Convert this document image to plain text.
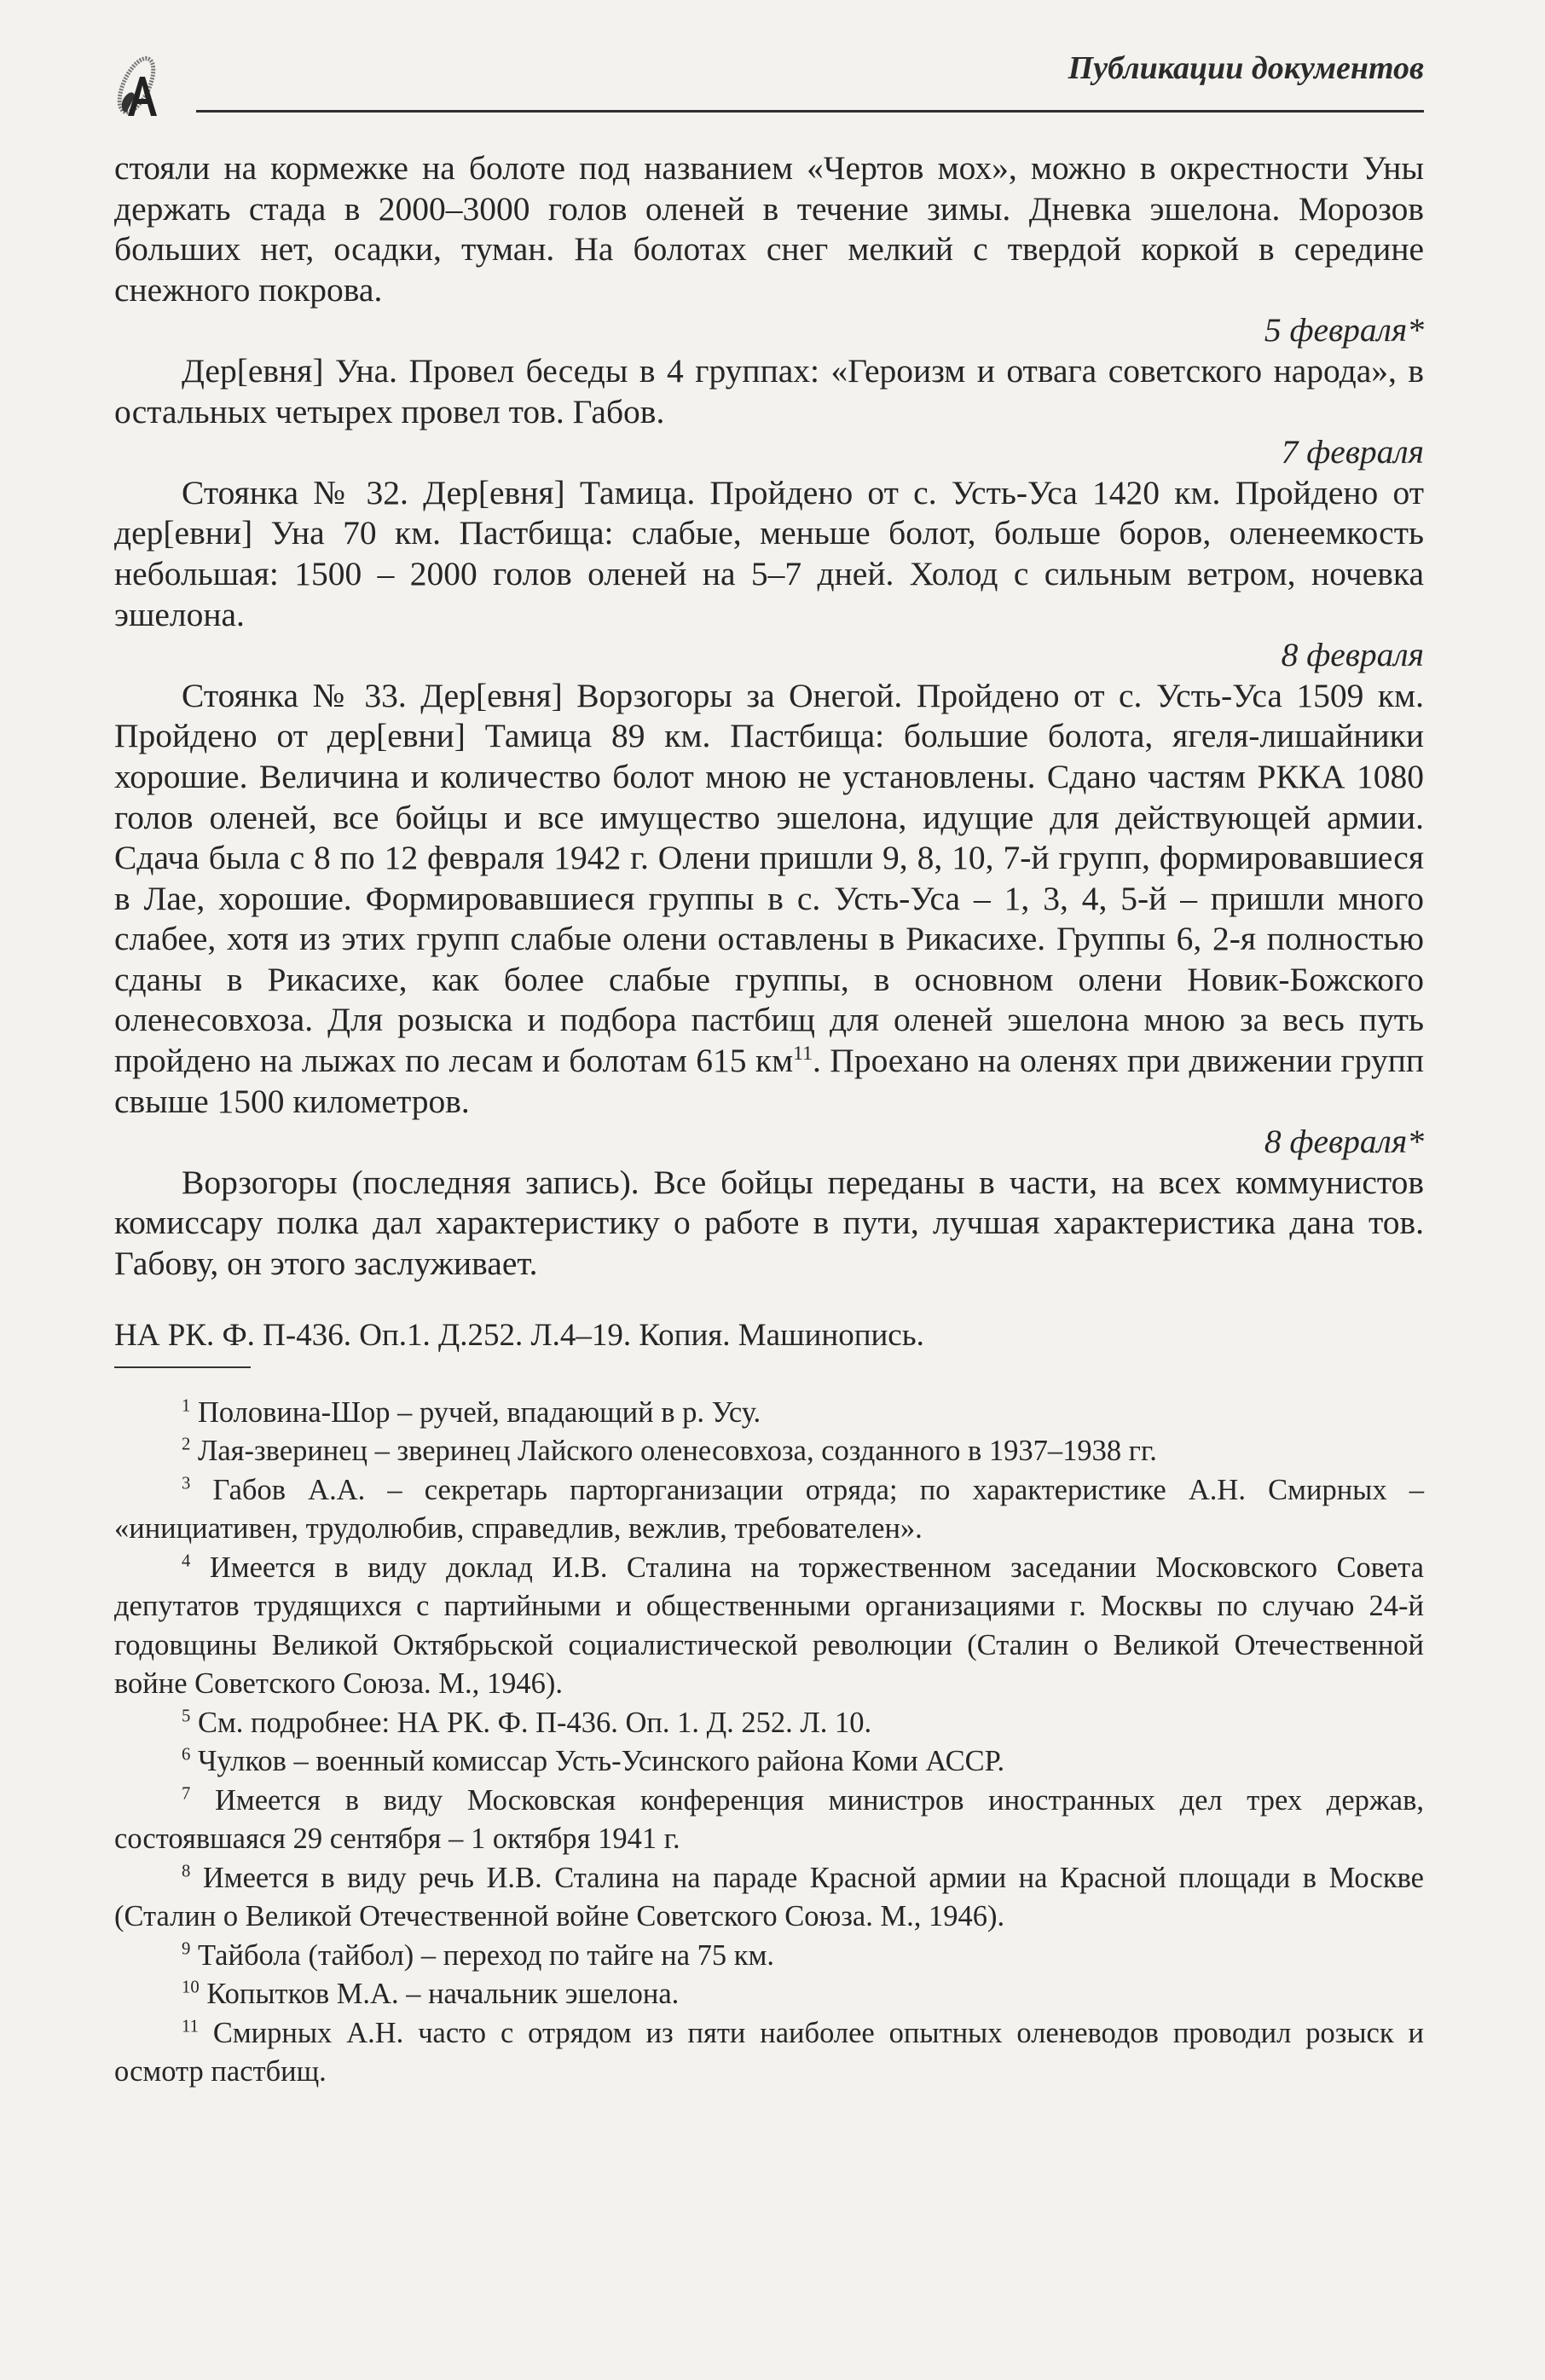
Публикации документов

стояли на кормежке на болоте под названием «Чертов мох», можно в окрестности Уны держать стада в 2000–3000 голов оленей в течение зимы. Дневка эшелона. Морозов больших нет, осадки, туман. На болотах снег мелкий с твердой коркой в середине снежного покрова.

5 февраля*

Дер[евня] Уна. Провел беседы в 4 группах: «Героизм и отвага советского народа», в остальных четырех провел тов. Габов.

7 февраля

Стоянка № 32. Дер[евня] Тамица. Пройдено от с. Усть-Уса 1420 км. Пройдено от дер[евни] Уна 70 км. Пастбища: слабые, меньше болот, больше боров, оленеемкость небольшая: 1500 – 2000 голов оленей на 5–7 дней. Холод с сильным ветром, ночевка эшелона.

8 февраля

Стоянка № 33. Дер[евня] Ворзогоры за Онегой. Пройдено от с. Усть-Уса 1509 км. Пройдено от дер[евни] Тамица 89 км. Пастбища: большие болота, ягеля-лишайники хорошие. Величина и количество болот мною не установлены. Сдано частям РККА 1080 голов оленей, все бойцы и все имущество эшелона, идущие для действующей армии. Сдача была с 8 по 12 февраля 1942 г. Олени пришли 9, 8, 10, 7-й групп, формировавшиеся в Лае, хорошие. Формировавшиеся группы в с. Усть-Уса – 1, 3, 4, 5-й – пришли много слабее, хотя из этих групп слабые олени оставлены в Рикасихе. Группы 6, 2-я полностью сданы в Рикасихе, как более слабые группы, в основном олени Новик-Божского оленесовхоза. Для розыска и подбора пастбищ для оленей эшелона мною за весь путь пройдено на лыжах по лесам и болотам 615 $км^{11}$. Проехано на оленях при движении групп свыше 1500 километров.

8 февраля*

Ворзогоры (последняя запись). Все бойцы переданы в части, на всех коммунистов комиссару полка дал характеристику о работе в пути, лучшая характеристика дана тов. Габову, он этого заслуживает.

НА РК. Ф. П-436. Оп.1. Д.252. Л.4–19. Копия. Машинопись.

$^1$ Половина-Шор – ручей, впадающий в р. Усу.

$^2$ Лая-зверинец – зверинец Лайского оленесовхоза, созданного в 1937–1938 гг.

$^3$ Габов А.А. – секретарь парторганизации отряда; по характеристике А.Н. Смирных – «инициативен, трудолюбив, справедлив, вежлив, требователен».

$^4$ Имеется в виду доклад И.В. Сталина на торжественном заседании Московского Совета депутатов трудящихся с партийными и общественными организациями г. Москвы по случаю 24-й годовщины Великой Октябрьской социалистической революции (Сталин о Великой Отечественной войне Советского Союза. М., 1946).

$^5$ См. подробнее: НА РК. Ф. П-436. Оп. 1. Д. 252. Л. 10.

$^6$ Чулков – военный комиссар Усть-Усинского района Коми АССР.

$^7$ Имеется в виду Московская конференция министров иностранных дел трех держав, состоявшаяся 29 сентября – 1 октября 1941 г.

$^8$ Имеется в виду речь И.В. Сталина на параде Красной армии на Красной площади в Москве (Сталин о Великой Отечественной войне Советского Союза. М., 1946).

$^9$ Тайбола (тайбол) – переход по тайге на 75 км.

$^{10}$ Копытков М.А. – начальник эшелона.

$^{11}$ Смирных А.Н. часто с отрядом из пяти наиболее опытных оленеводов проводил розыск и осмотр пастбищ.
